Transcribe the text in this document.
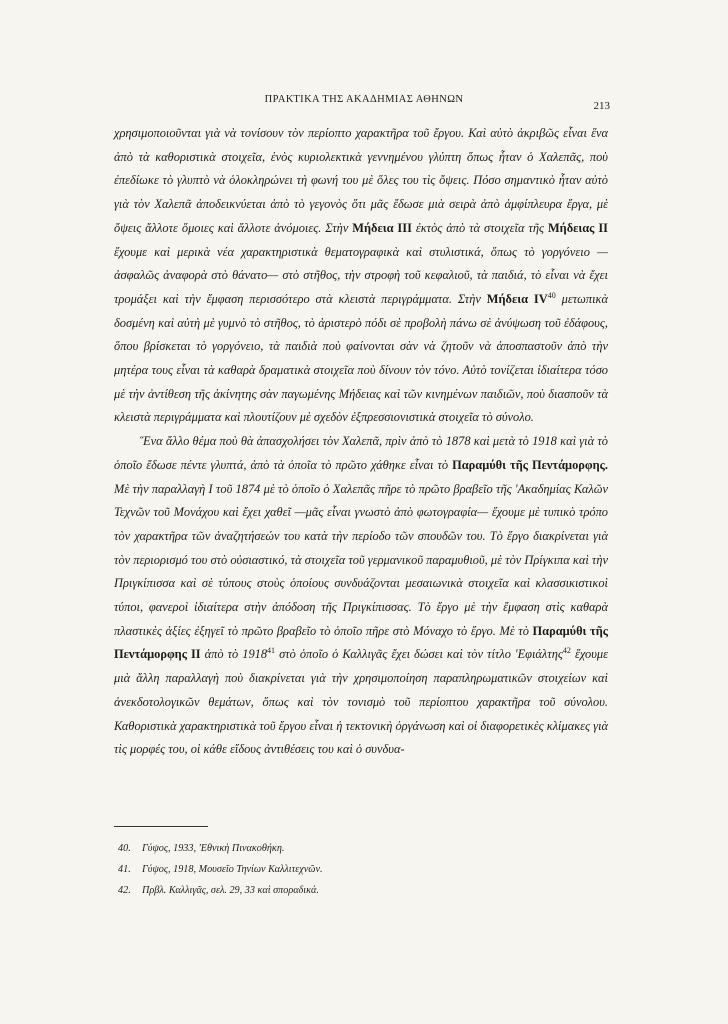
ΠΡΑΚΤΙΚΑ ΤΗΣ ΑΚΑΔΗΜΙΑΣ ΑΘΗΝΩΝ
213

χρησιμοποιοῦνται γιὰ νὰ τονίσουν τὸν περίοπτο χαρακτῆρα τοῦ ἔργου. Καὶ αὐτὸ ἀκριβῶς εἶναι ἕνα ἀπὸ τὰ καθοριστικὰ στοιχεῖα, ἑνὸς κυριολεκτικὰ γεννημένου γλύπτη ὅπως ἦταν ὁ Χαλεπᾶς, ποὺ ἐπεδίωκε τὸ γλυπτὸ νὰ ὁλοκληρώνει τὴ φωνή του μὲ ὅλες του τὶς ὄψεις. Πόσο σημαντικὸ ἦταν αὐτὸ γιὰ τὸν Χαλεπᾶ ἀποδεικνύεται ἀπὸ τὸ γεγονὸς ὅτι μᾶς ἔδωσε μιὰ σειρὰ ἀπὸ ἀμφίπλευρα ἔργα, μὲ ὄψεις ἄλλοτε ὅμοιες καὶ ἄλλοτε ἀνόμοιες. Στὴν Μήδεια ΙΙΙ ἐκτὸς ἀπὸ τὰ στοιχεῖα τῆς Μήδειας ΙΙ ἔχουμε καὶ μερικὰ νέα χαρακτηριστικὰ θεματογραφικὰ καὶ στυλιστικά, ὅπως τὸ γοργόνειο — ἀσφαλῶς ἀναφορὰ στὸ θάνατο— στὸ στῆθος, τὴν στροφὴ τοῦ κεφαλιοῦ, τὰ παιδιά, τὸ εἶναι νὰ ἔχει τρομάξει καὶ τὴν ἔμφαση περισσότερο στὰ κλειστὰ περιγράμματα. Στὴν Μήδεια IV$^{40}$ μετωπικὰ δοσμένη καὶ αὐτὴ μὲ γυμνὸ τὸ στῆθος, τὸ ἀριστερὸ πόδι σὲ προβολὴ πάνω σὲ ἀνύψωση τοῦ ἐδάφους, ὅπου βρίσκεται τὸ γοργόνειο, τὰ παιδιὰ ποὺ φαίνονται σὰν νὰ ζητοῦν νὰ ἀποσπαστοῦν ἀπὸ τὴν μητέρα τους εἶναι τὰ καθαρὰ δραματικὰ στοιχεῖα ποὺ δίνουν τὸν τόνο. Αὐτὸ τονίζεται ἰδιαίτερα τόσο μὲ τὴν ἀντίθεση τῆς ἀκίνητης σὰν παγωμένης Μήδειας καὶ τῶν κινημένων παιδιῶν, ποὺ διασποῦν τὰ κλειστὰ περιγράμματα καὶ πλουτίζουν μὲ σχεδὸν ἐξπρεσσιονιστικὰ στοιχεῖα τὸ σύνολο.

Ἕνα ἄλλο θέμα ποὺ θὰ ἀπασχολήσει τὸν Χαλεπᾶ, πρὶν ἀπὸ τὸ 1878 καὶ μετὰ τὸ 1918 καὶ γιὰ τὸ ὁποῖο ἔδωσε πέντε γλυπτά, ἀπὸ τὰ ὁποῖα τὸ πρῶτο χάθηκε εἶναι τὸ Παραμύθι τῆς Πεντάμορφης. Μὲ τὴν παραλλαγὴ Ι τοῦ 1874 μὲ τὸ ὁποῖο ὁ Χαλεπᾶς πῆρε τὸ πρῶτο βραβεῖο τῆς 'Ακαδημίας Καλῶν Τεχνῶν τοῦ Μονάχου καὶ ἔχει χαθεῖ —μᾶς εἶναι γνωστὸ ἀπὸ φωτογραφία— ἔχουμε μὲ τυπικὸ τρόπο τὸν χαρακτῆρα τῶν ἀναζητήσεών του κατὰ τὴν περίοδο τῶν σπουδῶν του. Τὸ ἔργο διακρίνεται γιὰ τὸν περιορισμό του στὸ οὐσιαστικό, τὰ στοιχεῖα τοῦ γερμανικοῦ παραμυθιοῦ, μὲ τὸν Πρίγκιπα καὶ τὴν Πριγκίπισσα καὶ σὲ τύπους στοὺς ὁποίους συνδυάζονται μεσαιωνικὰ στοιχεῖα καὶ κλασσικιστικοὶ τύποι, φανεροὶ ἰδιαίτερα στὴν ἀπόδοση τῆς Πριγκίπισσας. Τὸ ἔργο μὲ τὴν ἔμφαση στὶς καθαρὰ πλαστικὲς ἀξίες ἐξηγεῖ τὸ πρῶτο βραβεῖο τὸ ὁποῖο πῆρε στὸ Μόναχο τὸ ἔργο. Μὲ τὸ Παραμύθι τῆς Πεντάμορφης ΙΙ ἀπὸ τὸ 1918$^{41}$ στὸ ὁποῖο ὁ Καλλιγᾶς ἔχει δώσει καὶ τὸν τίτλο 'Εφιάλτης$^{42}$ ἔχουμε μιὰ ἄλλη παραλλαγὴ ποὺ διακρίνεται γιὰ τὴν χρησιμοποίηση παραπληρωματικῶν στοιχείων καὶ ἀνεκδοτολογικῶν θεμάτων, ὅπως καὶ τὸν τονισμὸ τοῦ περίοπτου χαρακτῆρα τοῦ σύνολου. Καθοριστικὰ χαρακτηριστικὰ τοῦ ἔργου εἶναι ἡ τεκτονικὴ ὀργάνωση καὶ οἱ διαφορετικὲς κλίμακες γιὰ τὶς μορφές του, οἱ κάθε εἴδους ἀντιθέσεις του καὶ ὁ συνδυα-

40. Γύψος, 1933, 'Εθνικὴ Πινακοθήκη.
41. Γύψος, 1918, Μουσεῖο Τηνίων Καλλιτεχνῶν.
42. Πρβλ. Καλλιγᾶς, σελ. 29, 33 καὶ σποραδικά.
